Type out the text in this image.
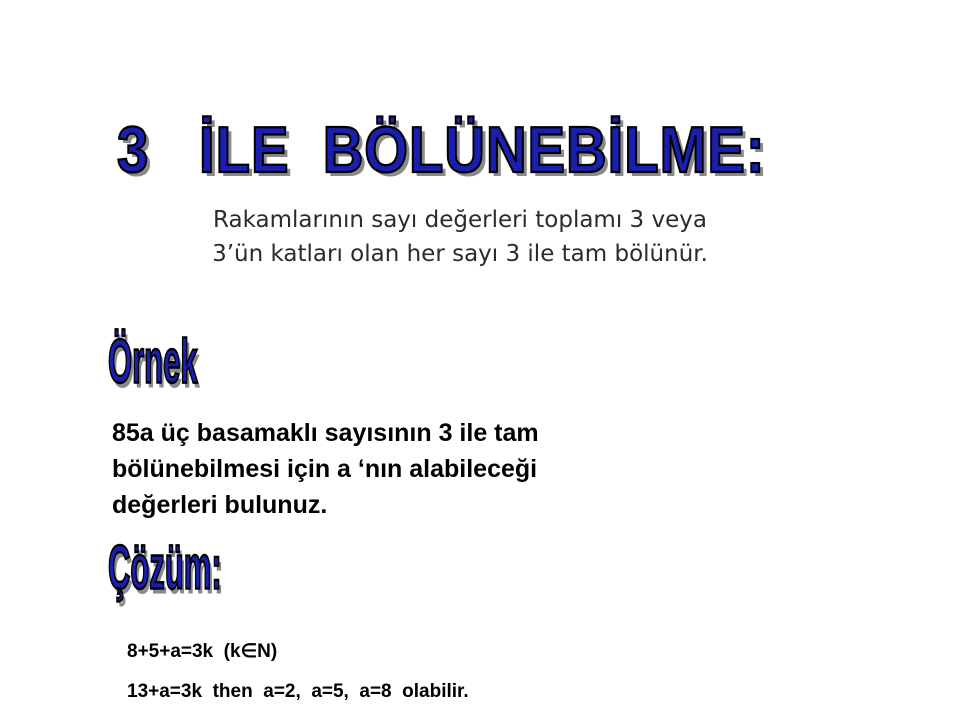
3   İLE  BÖLÜNEBİLME:

Rakamlarının sayı değerleri toplamı 3 veya
3’ün katları olan her sayı 3 ile tam bölünür.

Örnek

85a üç basamaklı sayısının 3 ile tam
bölünebilmesi için a ‘nın alabileceği
değerleri bulunuz.

Çözüm:

8+5+a=3k  (k∈N)
13+a=3k  then  a=2,  a=5,  a=8  olabilir.
